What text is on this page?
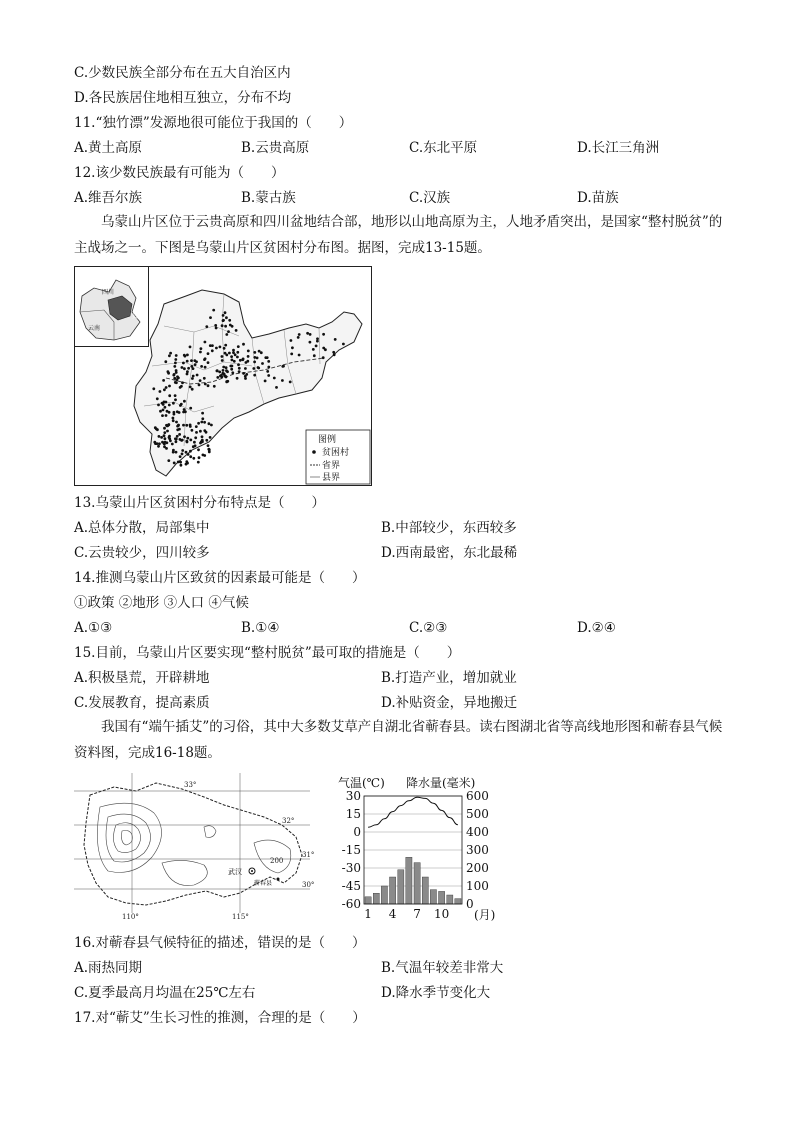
C.少数民族全部分布在五大自治区内
D.各民族居住地相互独立，分布不均
11.“独竹漂”发源地很可能位于我国的（　　）
A.黄土高原	B.云贵高原	C.东北平原	D.长江三角洲
12.该少数民族最有可能为（　　）
A.维吾尔族	B.蒙古族	C.汉族	D.苗族
乌蒙山片区位于云贵高原和四川盆地结合部，地形以山地高原为主，人地矛盾突出，是国家“整村脱贫”的主战场之一。下图是乌蒙山片区贫困村分布图。据图，完成13-15题。
四川
贵州
云南
图例
贫困村
省界
县界
13.乌蒙山片区贫困村分布特点是（　　）
A.总体分散，局部集中	B.中部较少，东西较多
C.云贵较少，四川较多	D.西南最密，东北最稀
14.推测乌蒙山片区致贫的因素最可能是（　　）
①政策 ②地形 ③人口 ④气候
A.①③	B.①④	C.②③	D.②④
15.目前，乌蒙山片区要实现“整村脱贫”最可取的措施是（　　）
A.积极垦荒，开辟耕地	B.打造产业，增加就业
C.发展教育，提高素质	D.补贴资金，异地搬迁
我国有“端午插艾”的习俗，其中大多数艾草产自湖北省蕲春县。读右图湖北省等高线地形图和蕲春县气候资料图，完成16-18题。
33°
32°
31°
30°
110°	115°
200
武汉
蕲春县
气温(℃) 降水量(毫米)
30
15
0
-15
-30
-45
-60
600
500
400
300
200
100
0
1 4 7 10 (月)
16.对蕲春县气候特征的描述，错误的是（　　）
A.雨热同期	B.气温年较差非常大
C.夏季最高月均温在25℃左右	D.降水季节变化大
17.对“蕲艾”生长习性的推测，合理的是（　　）
